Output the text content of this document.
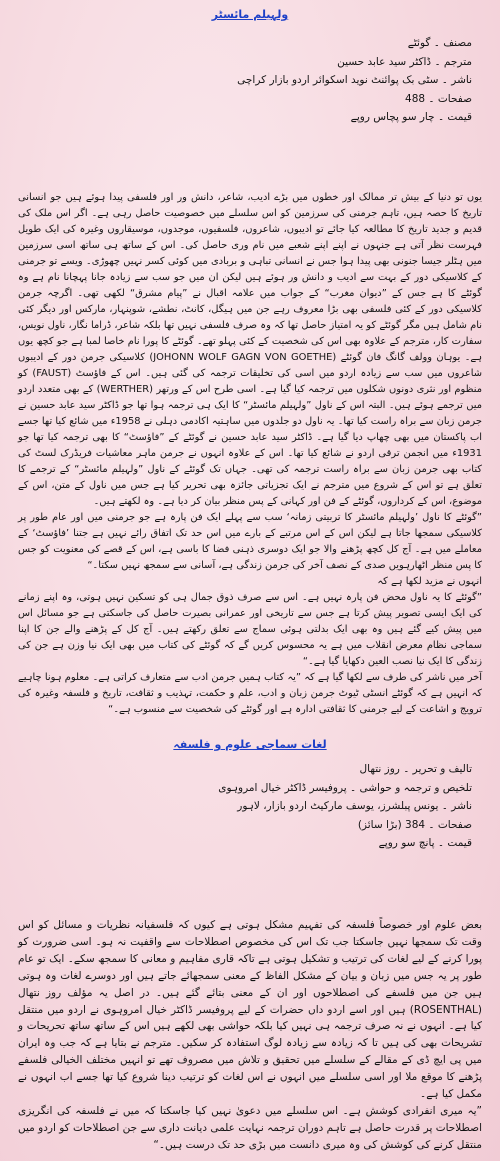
ولہیلم مائسٹر
مصنف ۔ گوئٹے
مترجم ۔ ڈاکٹر سید عابد حسین
ناشر ۔ سٹی بک پوائنٹ نوید اسکوائر اردو بازار کراچی
صفحات ۔ 488
قیمت ۔ چار سو پچاس روپے

یوں تو دنیا کے بیش تر ممالک اور خطوں میں بڑے ادیب، شاعر، دانش ور اور فلسفی پیدا ہوئے ہیں جو انسانی تاریخ کا حصہ ہیں، تاہم جرمنی کی سرزمین کو اس سلسلے میں خصوصیت حاصل رہی ہے۔ اگر اس ملک کی قدیم و جدید تاریخ کا مطالعہ کیا جائے تو ادیبوں، شاعروں، فلسفیوں، موجدوں، موسیقاروں وغیرہ کی ایک طویل فہرست نظر آتی ہے جنہوں نے اپنے اپنے شعبے میں نام وری حاصل کی۔ اس کے ساتھ ہی ساتھ اسی سرزمین میں ہٹلر جیسا جنونی بھی پیدا ہوا جس نے انسانی تباہی و بربادی میں کوئی کسر نہیں چھوڑی۔ ویسے تو جرمنی کے کلاسیکی دور کے بہت سے ادیب و دانش ور ہوئے ہیں لیکن ان میں جو سب سے زیادہ جانا پہچانا نام ہے وہ گوئٹے کا ہے جس کے ”دیوان مغرب“ کے جواب میں علامہ اقبال نے ”پیام مشرق“ لکھی تھی۔ اگرچہ جرمن کلاسیکی دور کے کئی فلسفی بھی بڑا معروف رہے جن میں ہیگل، کانٹ، نطشے، شوپنہار، مارکس اور دیگر کئی نام شامل ہیں مگر گوئٹے کو یہ امتیاز حاصل تھا کہ وہ صرف فلسفی نہیں تھا بلکہ شاعر، ڈراما نگار، ناول نویس، سفارت کار، مترجم کے علاوہ بھی اس کی شخصیت کے کئی پہلو تھے۔ گوئٹے کا پورا نام خاصا لمبا ہے جو کچھ یوں ہے۔ یوہان وولف گانگ فان گوئٹے (JOHONN WOLF GAGN VON GOETHE) کلاسیکی جرمن دور کے ادیبوں شاعروں میں سب سے زیادہ اردو میں اسی کی تخلیقات ترجمہ کی گئی ہیں۔ اس کے فاؤسٹ (FAUST) کو منظوم اور نثری دونوں شکلوں میں ترجمہ کیا گیا ہے۔ اسی طرح اس کے ورتھر (WERTHER) کے بھی متعدد اردو میں ترجمے ہوئے ہیں۔ البتہ اس کے ناول ”ولہیلم مائسٹر“ کا ایک ہی ترجمہ ہوا تھا جو ڈاکٹر سید عابد حسین نے جرمن زبان سے براہ راست کیا تھا۔ یہ ناول دو جلدوں میں ساہتیہ اکادمی دہلی نے 1958ء میں شائع کیا تھا جسے اب پاکستان میں بھی چھاپ دیا گیا ہے۔ ڈاکٹر سید عابد حسین نے گوئٹے کے ”فاؤسٹ“ کا بھی ترجمہ کیا تھا جو 1931ء میں انجمن ترقی اردو نے شائع کیا تھا۔ اس کے علاوہ انہوں نے جرمن ماہر معاشیات فریڈرک لسٹ کی کتاب بھی جرمن زبان سے براہ راست ترجمہ کی تھی۔ جہاں تک گوئٹے کے ناول ”ولہیلم مائسٹر“ کے ترجمے کا تعلق ہے تو اس کے شروع میں مترجم نے ایک تجزیاتی جائزہ بھی تحریر کیا ہے جس میں ناول کے متن، اس کے موضوع، اس کے کرداروں، گوئٹے کے فن اور کہانی کے پس منظر بیان کر دیا ہے۔ وہ لکھتے ہیں۔

”گوئٹے کا ناول ’ولہیلم مائسٹر کا تربیتی زمانہ‘ سب سے پہلے ایک فن پارہ ہے جو جرمنی میں اور عام طور پر کلاسیکی سمجھا جاتا ہے لیکن اس کے اس مرتبے کے بارے میں اس حد تک اتفاق رائے نہیں ہے جتنا ’فاؤسٹ‘ کے معاملے میں ہے۔ آج کل کچھ پڑھنے والا جو ایک دوسری ذہنی فضا کا باسی ہے، اس کے قصے کی معنویت کو جس کا پس منظر اٹھارہویں صدی کے نصف آخر کی جرمن زندگی ہے، آسانی سے سمجھ نہیں سکتا۔“

انہوں نے مزید لکھا ہے کہ

”گوئٹے کا یہ ناول محض فن پارہ نہیں ہے۔ اس سے صرف ذوق جمال ہی کو تسکین نہیں ہوتی، وہ اپنے زمانے کی ایک ایسی تصویر پیش کرتا ہے جس سے تاریخی اور عمرانی بصیرت حاصل کی جاسکتی ہے جو مسائل اس میں پیش کیے گئے ہیں وہ بھی ایک بدلتی ہوئی سماج سے تعلق رکھتے ہیں۔ آج کل کے پڑھنے والے جن کا اپنا سماجی نظام معرض انقلاب میں ہے یہ محسوس کریں گے کہ گوئٹے کی کتاب میں بھی ایک نیا وزن ہے جن کی زندگی کا ایک نیا نصب العین دکھایا گیا ہے۔“

آخر میں ناشر کی طرف سے لکھا گیا ہے کہ ”یہ کتاب ہمیں جرمن ادب سے متعارف کراتی ہے۔ معلوم ہونا چاہیے کہ انہیں ہے کہ گوئٹے انسٹی ٹیوٹ جرمن زبان و ادب، علم و حکمت، تہذیب و ثقافت، تاریخ و فلسفہ وغیرہ کی ترویج و اشاعت کے لیے جرمنی کا ثقافتی ادارہ ہے اور گوئٹے کی شخصیت سے منسوب ہے۔“

لغات سماجی علوم و فلسفہ
تالیف و تحریر ۔ روز نتھال
تلخیص و ترجمہ و حواشی ۔ پروفیسر ڈاکٹر خیال امروہوی
ناشر ۔ یونس پبلشرز، یوسف مارکیٹ اردو بازار، لاہور
صفحات ۔ 384 (بڑا سائز)
قیمت ۔ پانچ سو روپے

بعض علوم اور خصوصاً فلسفہ کی تفہیم مشکل ہوتی ہے کیوں کہ فلسفیانہ نظریات و مسائل کو اس وقت تک سمجھا نہیں جاسکتا جب تک اس کی مخصوص اصطلاحات سے واقفیت نہ ہو۔ اسی ضرورت کو پورا کرنے کے لیے لغات کی ترتیب و تشکیل ہوتی ہے تاکہ قاری مفاہیم و معانی کا سمجھ سکے۔ ایک تو عام طور پر یہ جس میں زبان و بیان کے مشکل الفاظ کے معنی سمجھائے جاتے ہیں اور دوسرے لغات وہ ہوتی ہیں جن میں فلسفے کی اصطلاحوں اور ان کے معنی بتائے گئے ہیں۔ در اصل یہ مؤلف روز نتھال (ROSENTHAL) ہیں اور اسے اردو داں حضرات کے لیے پروفیسر ڈاکٹر خیال امروہوی نے اردو میں منتقل کیا ہے۔ انہوں نے نہ صرف ترجمہ ہی نہیں کیا بلکہ حواشی بھی لکھے ہیں اس کے ساتھ ساتھ تحریحات و تشریحات بھی کی ہیں تا کہ زیادہ سے زیادہ لوگ استفادہ کر سکیں۔ مترجم نے بتایا ہے کہ جب وہ ایران میں پی ایچ ڈی کے مقالے کے سلسلے میں تحقیق و تلاش میں مصروف تھے تو انہیں مختلف الخیالی فلسفے پڑھنے کا موقع ملا اور اسی سلسلے میں انہوں نے اس لغات کو ترتیب دینا شروع کیا تھا جسے اب انہوں نے مکمل کیا ہے۔

”یہ میری انفرادی کوشش ہے۔ اس سلسلے میں دعویٰ نہیں کیا جاسکتا کہ میں نے فلسفہ کی انگریزی اصطلاحات پر قدرت حاصل ہے تاہم دوران ترجمہ نہایت علمی دیانت داری سے جن اصطلاحات کو اردو میں منتقل کرنے کی کوشش کی وہ میری دانست میں بڑی حد تک درست ہیں۔“
